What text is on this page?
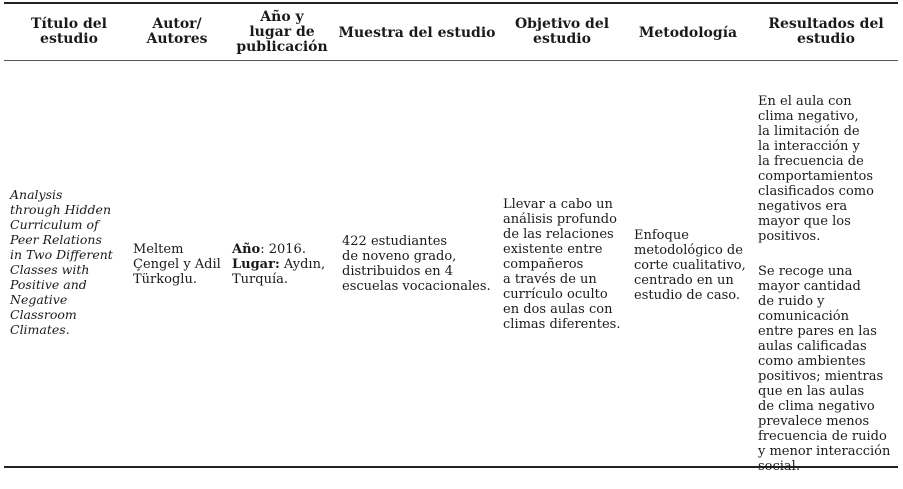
Título del
estudio
Autor/
Autores
Año y
lugar de
publicación
Muestra del estudio
Objetivo del
estudio	Metodología
Resultados del
estudio
Analysis
through Hidden
Curriculum of
Peer Relations
in Two Different
Classes with
Positive and
Negative
Classroom
Climates.
Meltem
Çengel y Adil
Türkoglu.
Año: 2016.
Lugar: Aydın,
Turquía.
422 estudiantes
de noveno grado,
distribuidos en 4
escuelas vocacionales.
Llevar a cabo un
análisis profundo
de las relaciones
existente entre
compañeros
a través de un
currículo oculto
en dos aulas con
climas diferentes.
Enfoque
metodológico de
corte cualitativo,
centrado en un
estudio de caso.

En el aula con
clima negativo,
la limitación de
la interacción y
la frecuencia de
comportamientos
clasificados como
negativos era
mayor que los
positivos.

Se recoge una
mayor cantidad
de ruido y
comunicación
entre pares en las
aulas calificadas
como ambientes
positivos; mientras
que en las aulas
de clima negativo
prevalece menos
frecuencia de ruido
y menor interacción
social.
